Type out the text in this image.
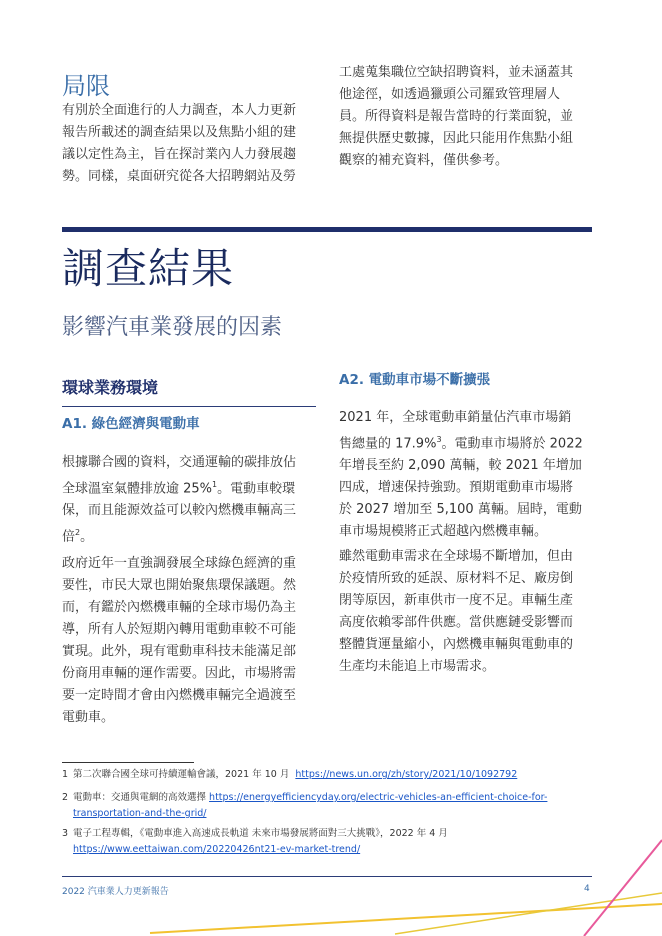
局限
有別於全面進行的人力調查，本人力更新報告所載述的調查結果以及焦點小組的建議以定性為主，旨在探討業內人力發展趨勢。同樣，桌面研究從各大招聘網站及勞
工處蒐集職位空缺招聘資料，並未涵蓋其他途徑，如透過獵頭公司羅致管理層人員。所得資料是報告當時的行業面貌，並無提供歷史數據，因此只能用作焦點小組觀察的補充資料，僅供參考。
調查結果
影響汽車業發展的因素
環球業務環境
A1. 綠色經濟與電動車
根據聯合國的資料，交通運輸的碳排放佔全球溫室氣體排放逾 25%$^1$。電動車較環保，而且能源效益可以較內燃機車輛高三倍$^2$。
政府近年一直強調發展全球綠色經濟的重要性，市民大眾也開始聚焦環保議題。然而，有鑑於內燃機車輛的全球市場仍為主導，所有人於短期內轉用電動車較不可能實現。此外，現有電動車科技未能滿足部份商用車輛的運作需要。因此，市場將需要一定時間才會由內燃機車輛完全過渡至電動車。
A2. 電動車市場不斷擴張
2021 年，全球電動車銷量佔汽車市場銷售總量的 17.9%$^3$。電動車市場將於 2022 年增長至約 2,090 萬輛，較 2021 年增加四成，增速保持強勁。預期電動車市場將於 2027 增加至 5,100 萬輛。屆時，電動車市場規模將正式超越內燃機車輛。
雖然電動車需求在全球場不斷增加，但由於疫情所致的延誤、原材料不足、廠房倒閉等原因，新車供市一度不足。車輛生產高度依賴零部件供應。當供應鏈受影響而整體貨運量縮小，內燃機車輛與電動車的生產均未能追上市場需求。
1 第二次聯合國全球可持續運輸會議，2021 年 10 月 https://news.un.org/zh/story/2021/10/1092792
2 電動車：交通與電網的高效選擇 https://energyefficiencyday.org/electric-vehicles-an-efficient-choice-for-
transportation-and-the-grid/
3 電子工程專輯，《電動車進入高速成長軌道 未來市場發展將面對三大挑戰》，2022 年 4 月
https://www.eettaiwan.com/20220426nt21-ev-market-trend/
2022 汽車業人力更新報告	4
